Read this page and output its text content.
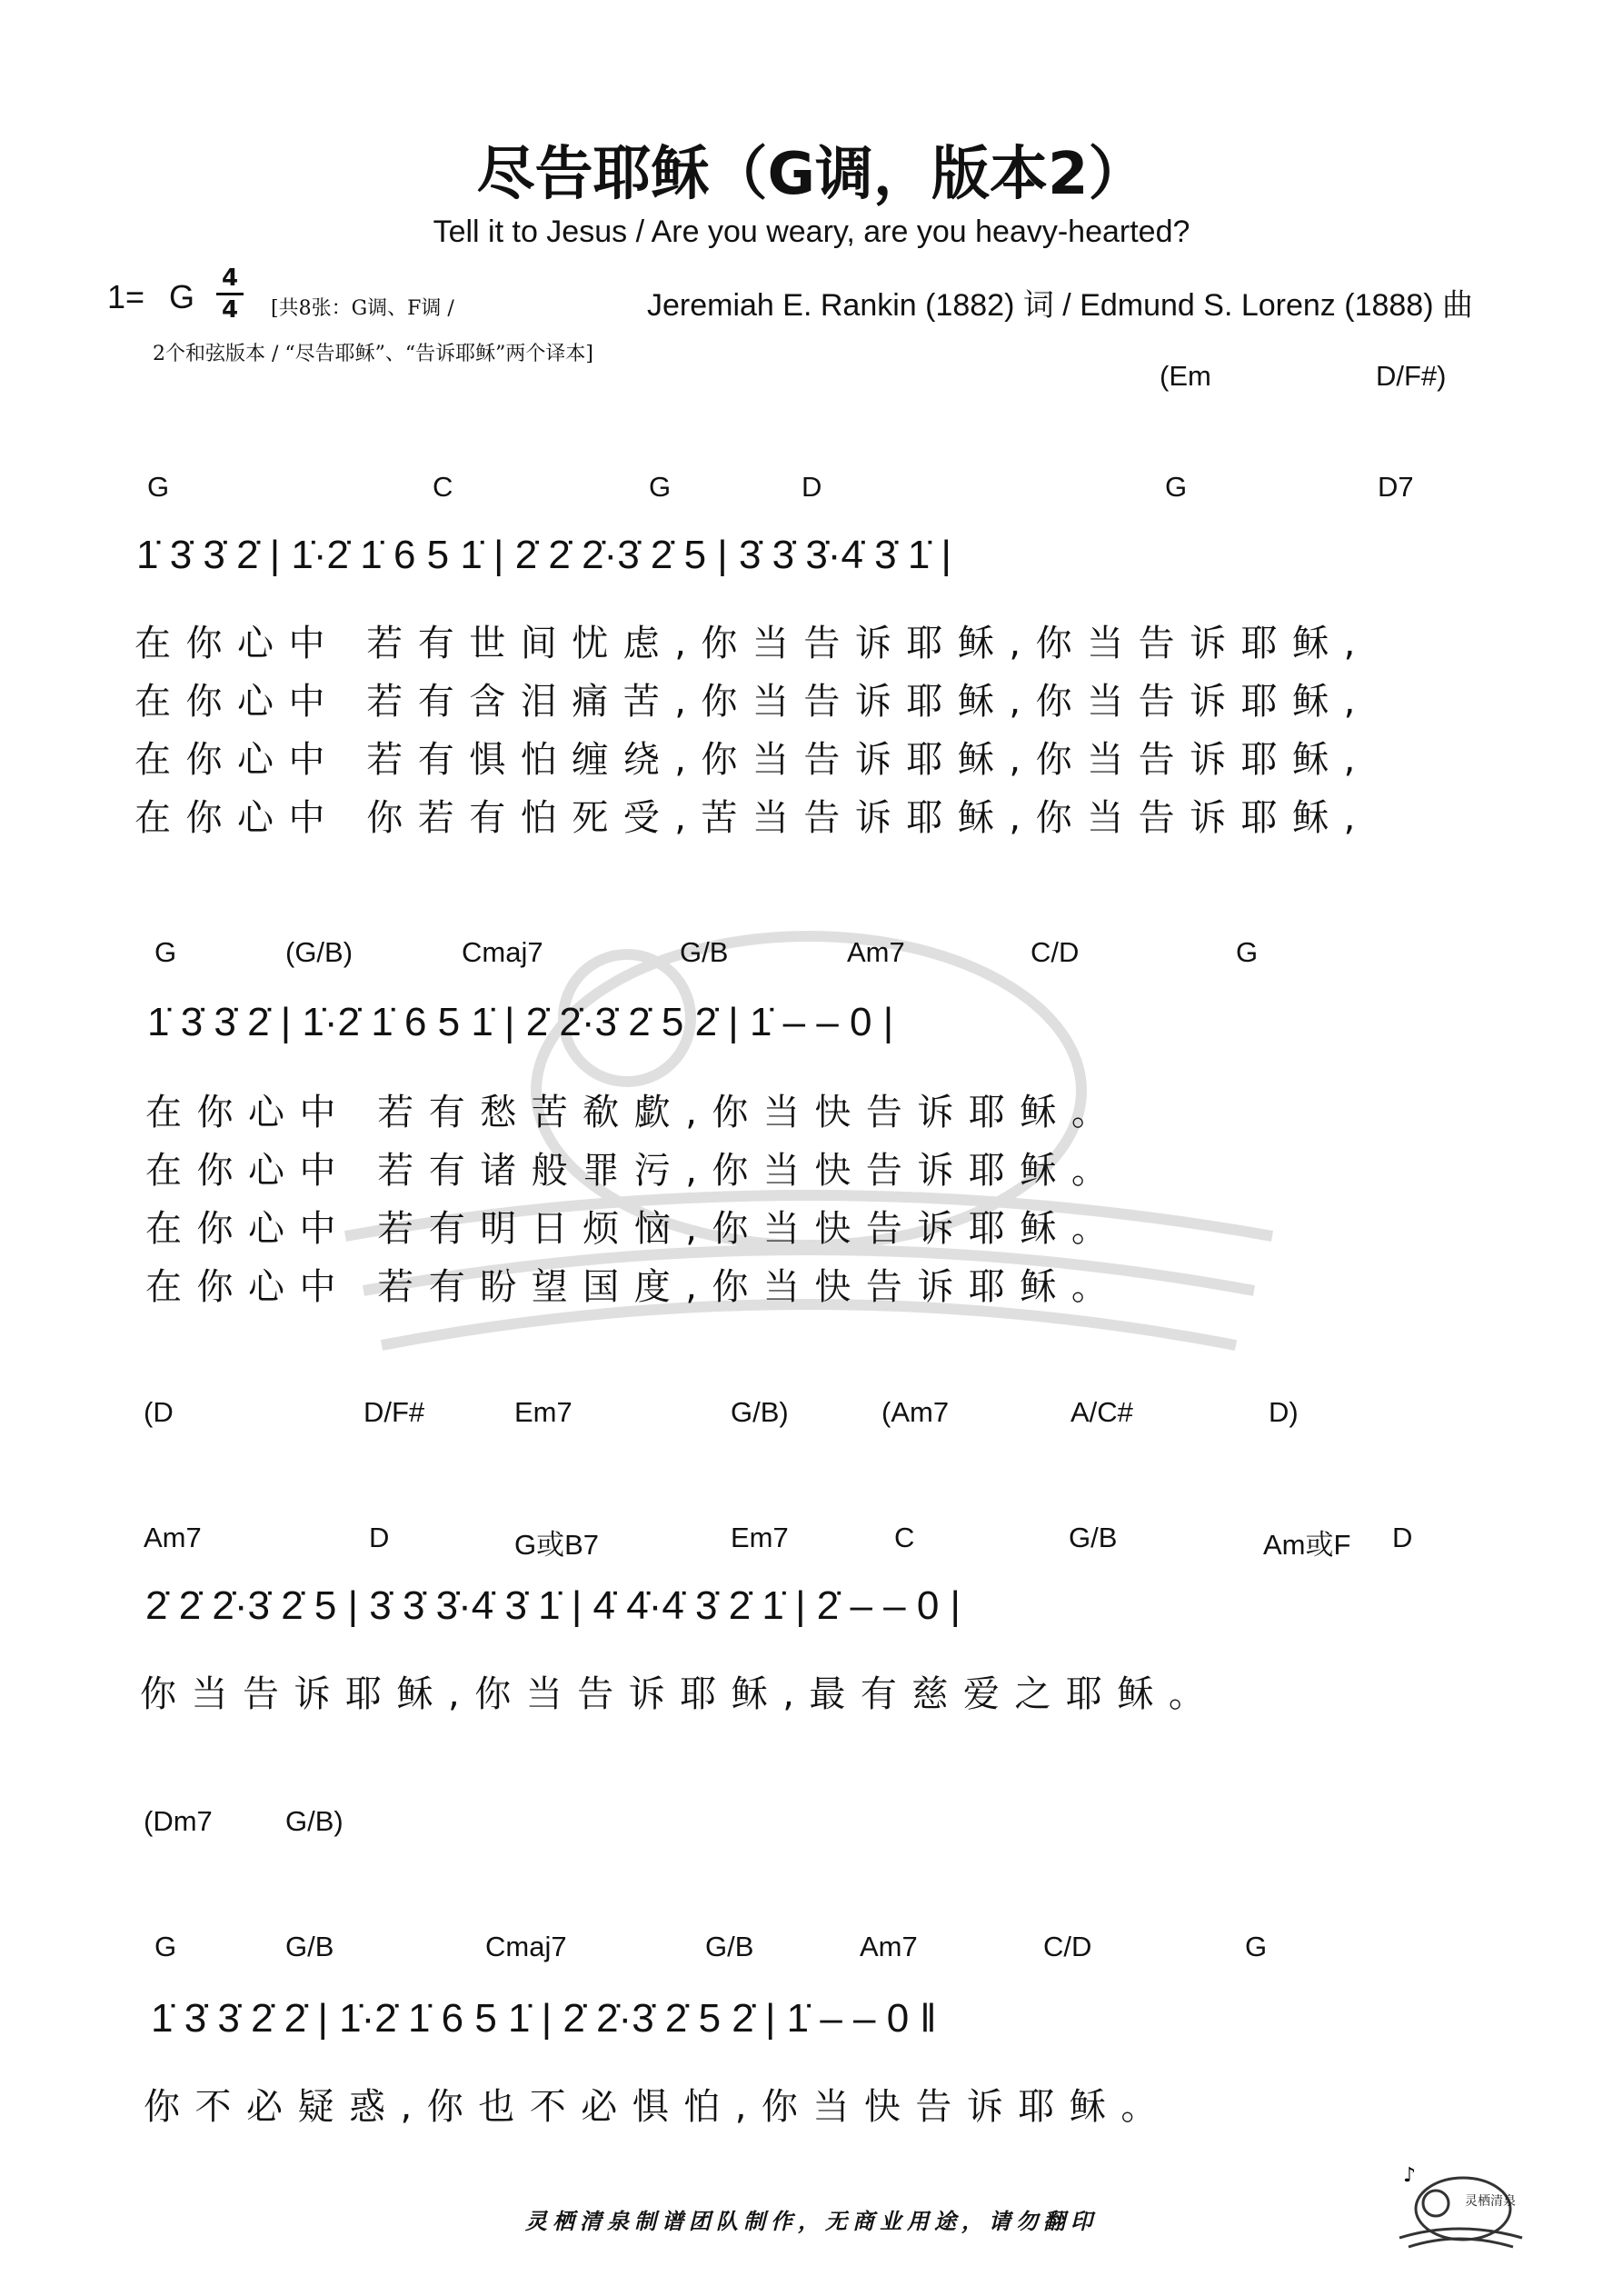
尽告耶稣（G调，版本2）
Tell it to Jesus / Are you weary, are you heavy-hearted?
1= G 4
4 [共8张：G调、F调 /
2个和弦版本 / “尽告耶稣”、“告诉耶稣”两个译本]
Jeremiah E. Rankin (1882) 词 / Edmund S. Lorenz (1888) 曲
(Em	D/F#)
G	C	G	D	G	D7
1̇ 3̇ 3̇ 2̇ | 1̇·2̇ 1̇ 6 5 1̇ | 2̇ 2̇ 2̇·3̇ 2̇ 5 | 3̇ 3̇ 3̇·4̇ 3̇ 1̇ |
在你心中 若有世间忧虑,你当告诉耶稣,你当告诉耶稣,
在你心中 若有含泪痛苦,你当告诉耶稣,你当告诉耶稣,
在你心中 若有惧怕缠绕,你当告诉耶稣,你当告诉耶稣,
在你心中 你若有怕死受,苦当告诉耶稣,你当告诉耶稣,
G	(G/B)	Cmaj7	G/B	Am7	C/D	G
1̇ 3̇ 3̇ 2̇ | 1̇·2̇ 1̇ 6 5 1̇ | 2̇ 2̇·3̇ 2̇ 5 2̇ | 1̇ – – 0 |
在你心中 若有愁苦欷歔,你当快告诉耶稣。
在你心中 若有诸般罪污,你当快告诉耶稣。
在你心中 若有明日烦恼,你当快告诉耶稣。
在你心中 若有盼望国度,你当快告诉耶稣。
(D	D/F#	Em7	G/B)	(Am7	A/C#	D)
Am7	D	G或B7	Em7	C	G/B	Am或F D
2̇ 2̇ 2̇·3̇ 2̇ 5 | 3̇ 3̇ 3̇·4̇ 3̇ 1̇ | 4̇ 4̇·4̇ 3̇ 2̇ 1̇ | 2̇ – – 0 |
你当告诉耶稣,你当告诉耶稣,最有慈爱之耶稣。
(Dm7	G/B)
G	G/B	Cmaj7	G/B	Am7	C/D	G
1̇ 3̇ 3̇ 2̇ 2̇ | 1̇·2̇ 1̇ 6 5 1̇ | 2̇ 2̇·3̇ 2̇ 5 2̇ | 1̇ – – 0 ‖
你不必疑惑,你也不必惧怕,你当快告诉耶稣。
灵栖清泉制谱团队制作，无商业用途，请勿翻印
♪
灵栖清泉
